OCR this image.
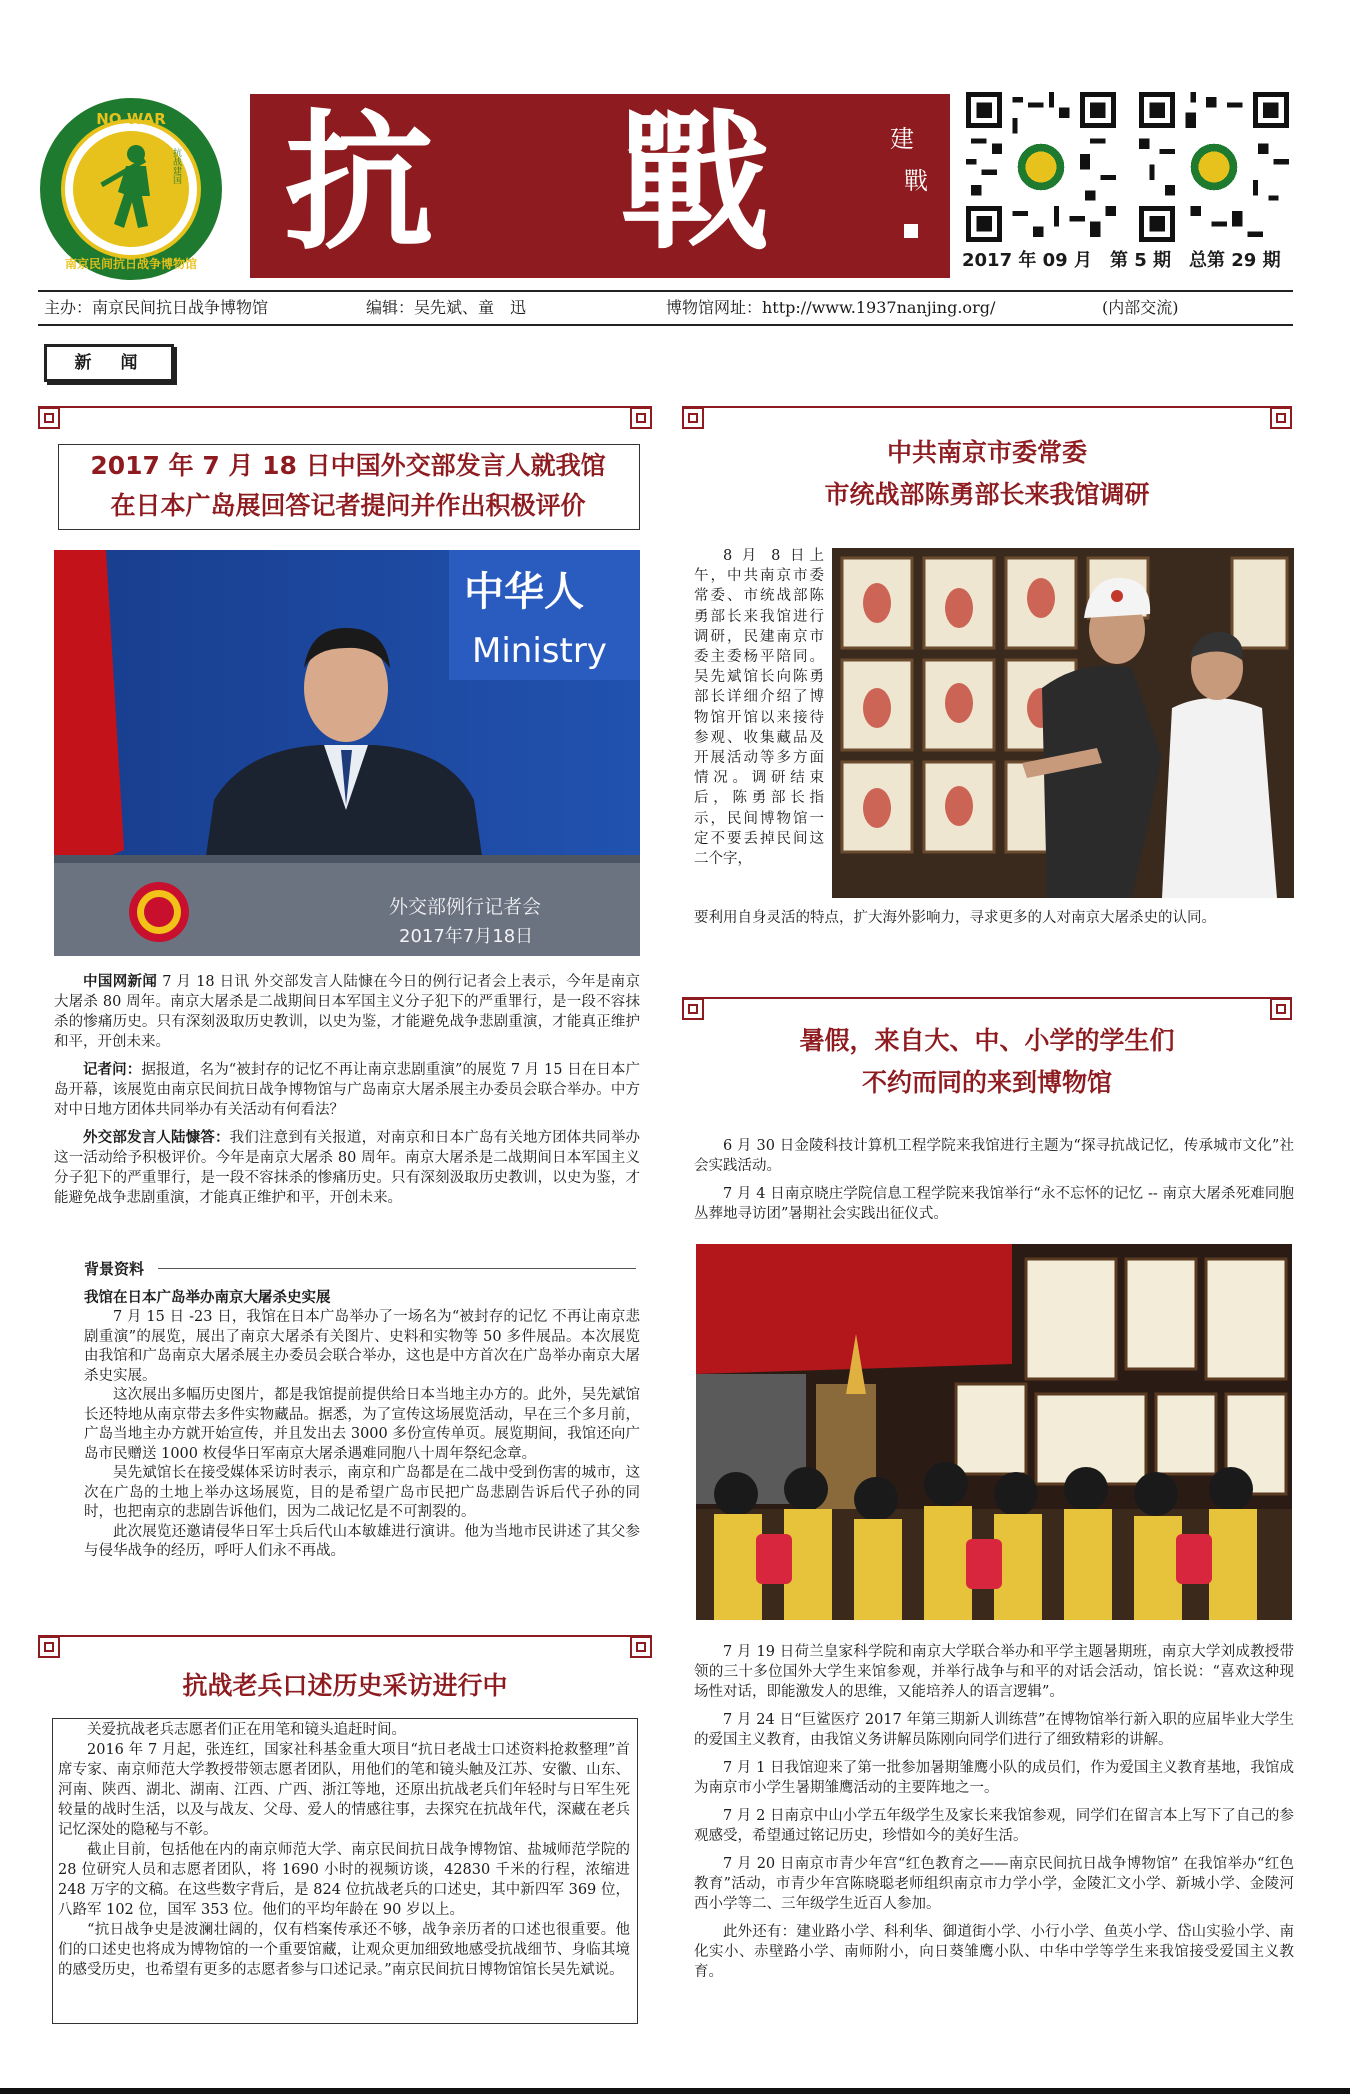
NO WAR
南京民间抗日战争博物馆
抗战建国 抗 戰	建
戰
2017 年 09 月　第 5 期　总第 29 期
主办：南京民间抗日战争博物馆	编辑：吴先斌、童　迅	博物馆网址：http://www.1937nanjing.org/	(内部交流)
新　闻
2017 年 7 月 18 日中国外交部发言人就我馆
在日本广岛展回答记者提问并作出积极评价
中华人
Ministry
外交部例行记者会
2017年7月18日

中国网新闻 7 月 18 日讯 外交部发言人陆慷在今日的例行记者会上表示，今年是南京大屠杀 80 周年。南京大屠杀是二战期间日本军国主义分子犯下的严重罪行，是一段不容抹杀的惨痛历史。只有深刻汲取历史教训，以史为鉴，才能避免战争悲剧重演，才能真正维护和平，开创未来。

记者问：据报道，名为“被封存的记忆不再让南京悲剧重演”的展览 7 月 15 日在日本广岛开幕，该展览由南京民间抗日战争博物馆与广岛南京大屠杀展主办委员会联合举办。中方对中日地方团体共同举办有关活动有何看法？

外交部发言人陆慷答：我们注意到有关报道，对南京和日本广岛有关地方团体共同举办这一活动给予积极评价。今年是南京大屠杀 80 周年。南京大屠杀是二战期间日本军国主义分子犯下的严重罪行，是一段不容抹杀的惨痛历史。只有深刻汲取历史教训，以史为鉴，才能避免战争悲剧重演，才能真正维护和平，开创未来。

背景资料
我馆在日本广岛举办南京大屠杀史实展

7 月 15 日 -23 日，我馆在日本广岛举办了一场名为“被封存的记忆 不再让南京悲剧重演”的展览，展出了南京大屠杀有关图片、史料和实物等 50 多件展品。本次展览由我馆和广岛南京大屠杀展主办委员会联合举办，这也是中方首次在广岛举办南京大屠杀史实展。

这次展出多幅历史图片，都是我馆提前提供给日本当地主办方的。此外，吴先斌馆长还特地从南京带去多件实物藏品。据悉，为了宣传这场展览活动，早在三个多月前，广岛当地主办方就开始宣传，并且发出去 3000 多份宣传单页。展览期间，我馆还向广岛市民赠送 1000 枚侵华日军南京大屠杀遇难同胞八十周年祭纪念章。

吴先斌馆长在接受媒体采访时表示，南京和广岛都是在二战中受到伤害的城市，这次在广岛的土地上举办这场展览，目的是希望广岛市民把广岛悲剧告诉后代子孙的同时，也把南京的悲剧告诉他们，因为二战记忆是不可割裂的。

此次展览还邀请侵华日军士兵后代山本敏雄进行演讲。他为当地市民讲述了其父参与侵华战争的经历，呼吁人们永不再战。

抗战老兵口述历史采访进行中

关爱抗战老兵志愿者们正在用笔和镜头追赶时间。

2016 年 7 月起，张连红，国家社科基金重大项目“抗日老战士口述资料抢救整理”首席专家、南京师范大学教授带领志愿者团队，用他们的笔和镜头触及江苏、安徽、山东、河南、陕西、湖北、湖南、江西、广西、浙江等地，还原出抗战老兵们年轻时与日军生死较量的战时生活，以及与战友、父母、爱人的情感往事，去探究在抗战年代，深藏在老兵记忆深处的隐秘与不彰。

截止目前，包括他在内的南京师范大学、南京民间抗日战争博物馆、盐城师范学院的 28 位研究人员和志愿者团队，将 1690 小时的视频访谈，42830 千米的行程，浓缩进 248 万字的文稿。在这些数字背后，是 824 位抗战老兵的口述史，其中新四军 369 位，八路军 102 位，国军 353 位。他们的平均年龄在 90 岁以上。

“抗日战争史是波澜壮阔的，仅有档案传承还不够，战争亲历者的口述也很重要。他们的口述史也将成为博物馆的一个重要馆藏，让观众更加细致地感受抗战细节、身临其境的感受历史，也希望有更多的志愿者参与口述记录。”南京民间抗日博物馆馆长吴先斌说。

中共南京市委常委
市统战部陈勇部长来我馆调研
8 月 8 日上午，中共南京市委常委、市统战部陈勇部长来我馆进行调研，民建南京市委主委杨平陪同。吴先斌馆长向陈勇部长详细介绍了博物馆开馆以来接待参观、收集藏品及开展活动等多方面情况。调研结束后，陈勇部长指示，民间博物馆一定不要丢掉民间这二个字，
要利用自身灵活的特点，扩大海外影响力，寻求更多的人对南京大屠杀史的认同。
暑假，来自大、中、小学的学生们
不约而同的来到博物馆

6 月 30 日金陵科技计算机工程学院来我馆进行主题为“探寻抗战记忆，传承城市文化”社会实践活动。

7 月 4 日南京晓庄学院信息工程学院来我馆举行“永不忘怀的记忆 -- 南京大屠杀死难同胞丛葬地寻访团”暑期社会实践出征仪式。

7 月 19 日荷兰皇家科学院和南京大学联合举办和平学主题暑期班，南京大学刘成教授带领的三十多位国外大学生来馆参观，并举行战争与和平的对话会活动，馆长说：“喜欢这种现场性对话，即能激发人的思维，又能培养人的语言逻辑”。

7 月 24 日“巨鲨医疗 2017 年第三期新人训练营”在博物馆举行新入职的应届毕业大学生的爱国主义教育，由我馆义务讲解员陈刚向同学们进行了细致精彩的讲解。

7 月 1 日我馆迎来了第一批参加暑期雏鹰小队的成员们，作为爱国主义教育基地，我馆成为南京市小学生暑期雏鹰活动的主要阵地之一。

7 月 2 日南京中山小学五年级学生及家长来我馆参观，同学们在留言本上写下了自己的参观感受，希望通过铭记历史，珍惜如今的美好生活。

7 月 20 日南京市青少年宫“红色教育之——南京民间抗日战争博物馆” 在我馆举办“红色教育”活动，市青少年宫陈晓聪老师组织南京市力学小学，金陵汇文小学、新城小学、金陵河西小学等二、三年级学生近百人参加。

此外还有：建业路小学、科利华、御道街小学、小行小学、鱼英小学、岱山实验小学、南化实小、赤壁路小学、南师附小，向日葵雏鹰小队、中华中学等学生来我馆接受爱国主义教育。
